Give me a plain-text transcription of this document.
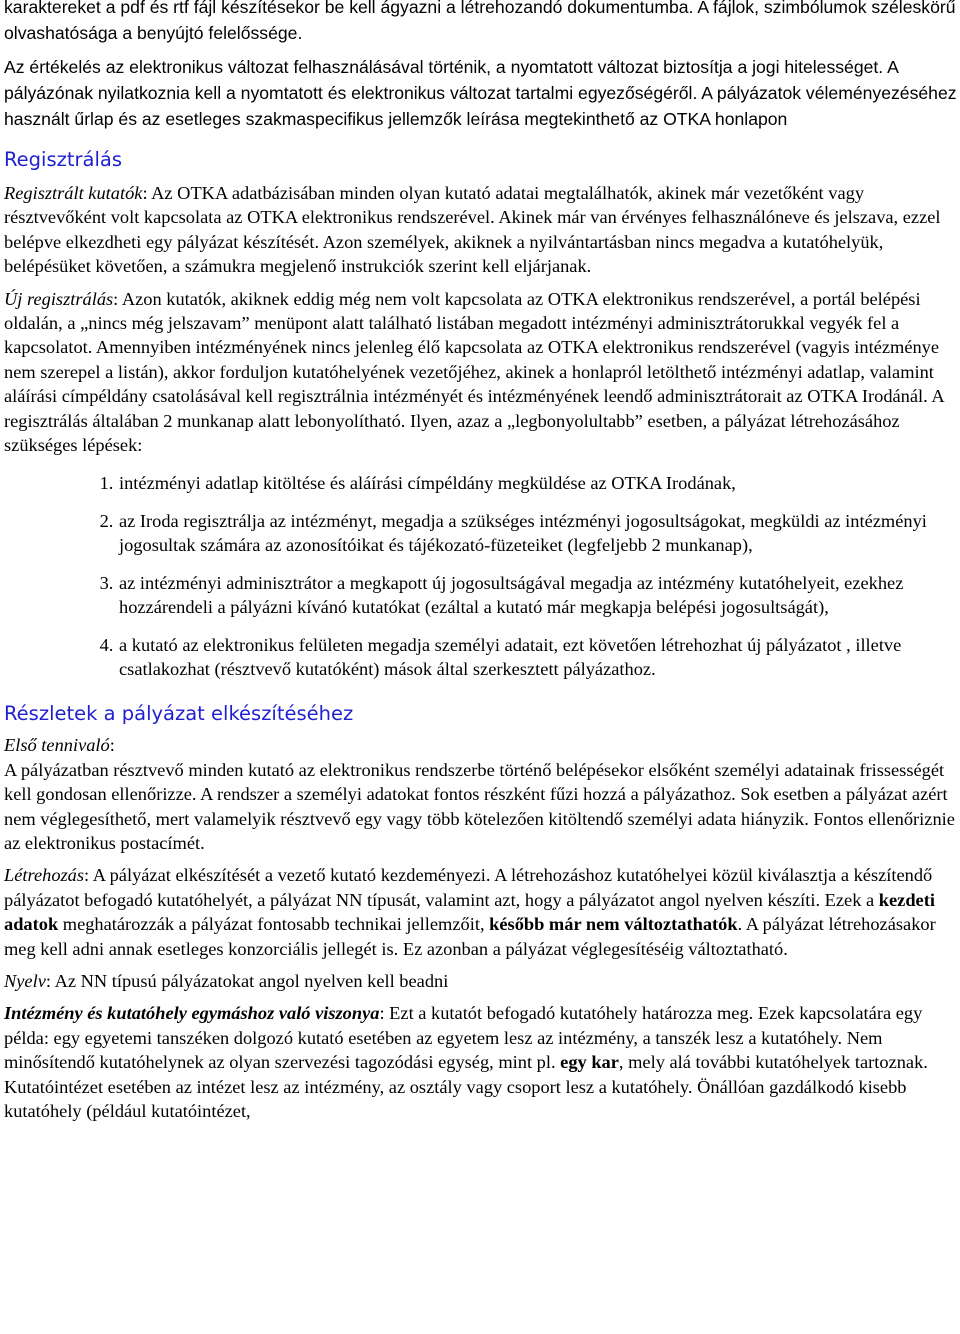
karaktereket a pdf és rtf fájl készítésekor be kell ágyazni a létrehozandó dokumentumba. A fájlok, szimbólumok széleskörű olvashatósága a benyújtó felelőssége.

Az értékelés az elektronikus változat felhasználásával történik, a nyomtatott változat biztosítja a jogi hitelességet. A pályázónak nyilatkoznia kell a nyomtatott és elektronikus változat tartalmi egyezőségéről. A pályázatok véleményezéséhez használt űrlap és az esetleges szakmaspecifikus jellemzők leírása megtekinthető az OTKA honlapon

Regisztrálás

Regisztrált kutatók: Az OTKA adatbázisában minden olyan kutató adatai megtalálhatók, akinek már vezetőként vagy résztvevőként volt kapcsolata az OTKA elektronikus rendszerével. Akinek már van érvényes felhasználóneve és jelszava, ezzel belépve elkezdheti egy pályázat készítését. Azon személyek, akiknek a nyilvántartásban nincs megadva a kutatóhelyük, belépésüket követően, a számukra megjelenő instrukciók szerint kell eljárjanak.

Új regisztrálás: Azon kutatók, akiknek eddig még nem volt kapcsolata az OTKA elektronikus rendszerével, a portál belépési oldalán, a „nincs még jelszavam” menüpont alatt található listában megadott intézményi adminisztrátorukkal vegyék fel a kapcsolatot. Amennyiben intézményének nincs jelenleg élő kapcsolata az OTKA elektronikus rendszerével (vagyis intézménye nem szerepel a listán), akkor forduljon kutatóhelyének vezetőjéhez, akinek a honlapról letölthető intézményi adatlap, valamint aláírási címpéldány csatolásával kell regisztrálnia intézményét és intézményének leendő adminisztrátorait az OTKA Irodánál. A regisztrálás általában 2 munkanap alatt lebonyolítható. Ilyen, azaz a „legbonyolultabb” esetben, a pályázat létrehozásához szükséges lépések:

1. intézményi adatlap kitöltése és aláírási címpéldány megküldése az OTKA Irodának,
2. az Iroda regisztrálja az intézményt, megadja a szükséges intézményi jogosultságokat, megküldi az intézményi jogosultak számára az azonosítóikat és tájékozató-füzeteiket (legfeljebb 2 munkanap),
3. az intézményi adminisztrátor a megkapott új jogosultságával megadja az intézmény kutatóhelyeit, ezekhez hozzárendeli a pályázni kívánó kutatókat (ezáltal a kutató már megkapja belépési jogosultságát),
4. a kutató az elektronikus felületen megadja személyi adatait, ezt követően létrehozhat új pályázatot , illetve csatlakozhat (résztvevő kutatóként) mások által szerkesztett pályázathoz.
Részletek a pályázat elkészítéséhez

Első tennivaló:
A pályázatban résztvevő minden kutató az elektronikus rendszerbe történő belépésekor elsőként személyi adatainak frissességét kell gondosan ellenőrizze. A rendszer a személyi adatokat fontos részként fűzi hozzá a pályázathoz. Sok esetben a pályázat azért nem véglegesíthető, mert valamelyik résztvevő egy vagy több kötelezően kitöltendő személyi adata hiányzik. Fontos ellenőriznie az elektronikus postacímét.

Létrehozás: A pályázat elkészítését a vezető kutató kezdeményezi. A létrehozáshoz kutatóhelyei közül kiválasztja a készítendő pályázatot befogadó kutatóhelyét, a pályázat NN típusát, valamint azt, hogy a pályázatot angol nyelven készíti. Ezek a kezdeti adatok meghatározzák a pályázat fontosabb technikai jellemzőit, később már nem változtathatók. A pályázat létrehozásakor meg kell adni annak esetleges konzorciális jellegét is. Ez azonban a pályázat véglegesítéséig változtatható.

Nyelv: Az NN típusú pályázatokat angol nyelven kell beadni

Intézmény és kutatóhely egymáshoz való viszonya: Ezt a kutatót befogadó kutatóhely határozza meg. Ezek kapcsolatára egy példa: egy egyetemi tanszéken dolgozó kutató esetében az egyetem lesz az intézmény, a tanszék lesz a kutatóhely. Nem minősítendő kutatóhelynek az olyan szervezési tagozódási egység, mint pl. egy kar, mely alá további kutatóhelyek tartoznak. Kutatóintézet esetében az intézet lesz az intézmény, az osztály vagy csoport lesz a kutatóhely. Önállóan gazdálkodó kisebb kutatóhely (például kutatóintézet,
